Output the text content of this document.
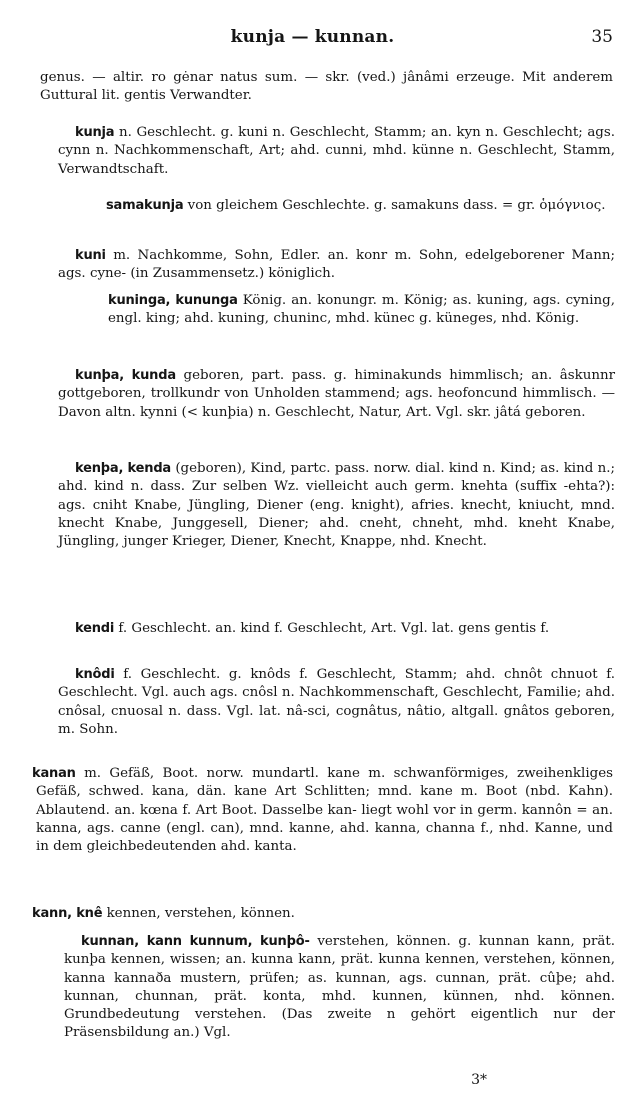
kunja — kunnan.	35

genus. — altir. ro gėnar natus sum. — skr. (ved.) jânâmi erzeuge. Mit anderem Guttural lit. gentis Verwandter.

kunja n. Geschlecht. g. kuni n. Geschlecht, Stamm; an. kyn n. Geschlecht; ags. cynn n. Nachkommenschaft, Art; ahd. cunni, mhd. künne n. Geschlecht, Stamm, Verwandtschaft.

samakunja von gleichem Geschlechte. g. samakuns dass. = gr. ὁμόγνιος.

kuni m. Nachkomme, Sohn, Edler. an. konr m. Sohn, edelgeborener Mann; ags. cyne- (in Zusammensetz.) königlich.

kuninga, kununga König. an. konungr. m. König; as. kuning, ags. cyning, engl. king; ahd. kuning, chuninc, mhd. künec g. küneges, nhd. König.

kunþa, kunda geboren, part. pass. g. himinakunds himmlisch; an. âskunnr gottgeboren, trollkundr von Unholden stammend; ags. heofoncund himmlisch. — Davon altn. kynni (< kunþia) n. Geschlecht, Natur, Art. Vgl. skr. jâtá geboren.

kenþa, kenda (geboren), Kind, partc. pass. norw. dial. kind n. Kind; as. kind n.; ahd. kind n. dass. Zur selben Wz. vielleicht auch germ. knehta (suffix -ehta?): ags. cniht Knabe, Jüngling, Diener (eng. knight), afries. knecht, kniucht, mnd. knecht Knabe, Junggesell, Diener; ahd. cneht, chneht, mhd. kneht Knabe, Jüngling, junger Krieger, Diener, Knecht, Knappe, nhd. Knecht.

kendi f. Geschlecht. an. kind f. Geschlecht, Art. Vgl. lat. gens gentis f.

knôdi f. Geschlecht. g. knôds f. Geschlecht, Stamm; ahd. chnôt chnuot f. Geschlecht. Vgl. auch ags. cnôsl n. Nachkommenschaft, Geschlecht, Familie; ahd. cnôsal, cnuosal n. dass. Vgl. lat. nâ-sci, cognâtus, nâtio, altgall. gnâtos geboren, m. Sohn.

kanan m. Gefäß, Boot. norw. mundartl. kane m. schwanförmiges, zweihenkliges Gefäß, schwed. kana, dän. kane Art Schlitten; mnd. kane m. Boot (nbd. Kahn). Ablautend. an. kœna f. Art Boot. Dasselbe kan- liegt wohl vor in germ. kannôn = an. kanna, ags. canne (engl. can), mnd. kanne, ahd. kanna, channa f., nhd. Kanne, und in dem gleichbedeutenden ahd. kanta.

kann, knê kennen, verstehen, können.

kunnan, kann kunnum, kunþô- verstehen, können. g. kunnan kann, prät. kunþa kennen, wissen; an. kunna kann, prät. kunna kennen, verstehen, können, kanna kannaða mustern, prüfen; as. kunnan, ags. cunnan, prät. cûþe; ahd. kunnan, chunnan, prät. konta, mhd. kunnen, künnen, nhd. können. Grundbedeutung verstehen. (Das zweite n gehört eigentlich nur der Präsensbildung an.) Vgl.

3*
